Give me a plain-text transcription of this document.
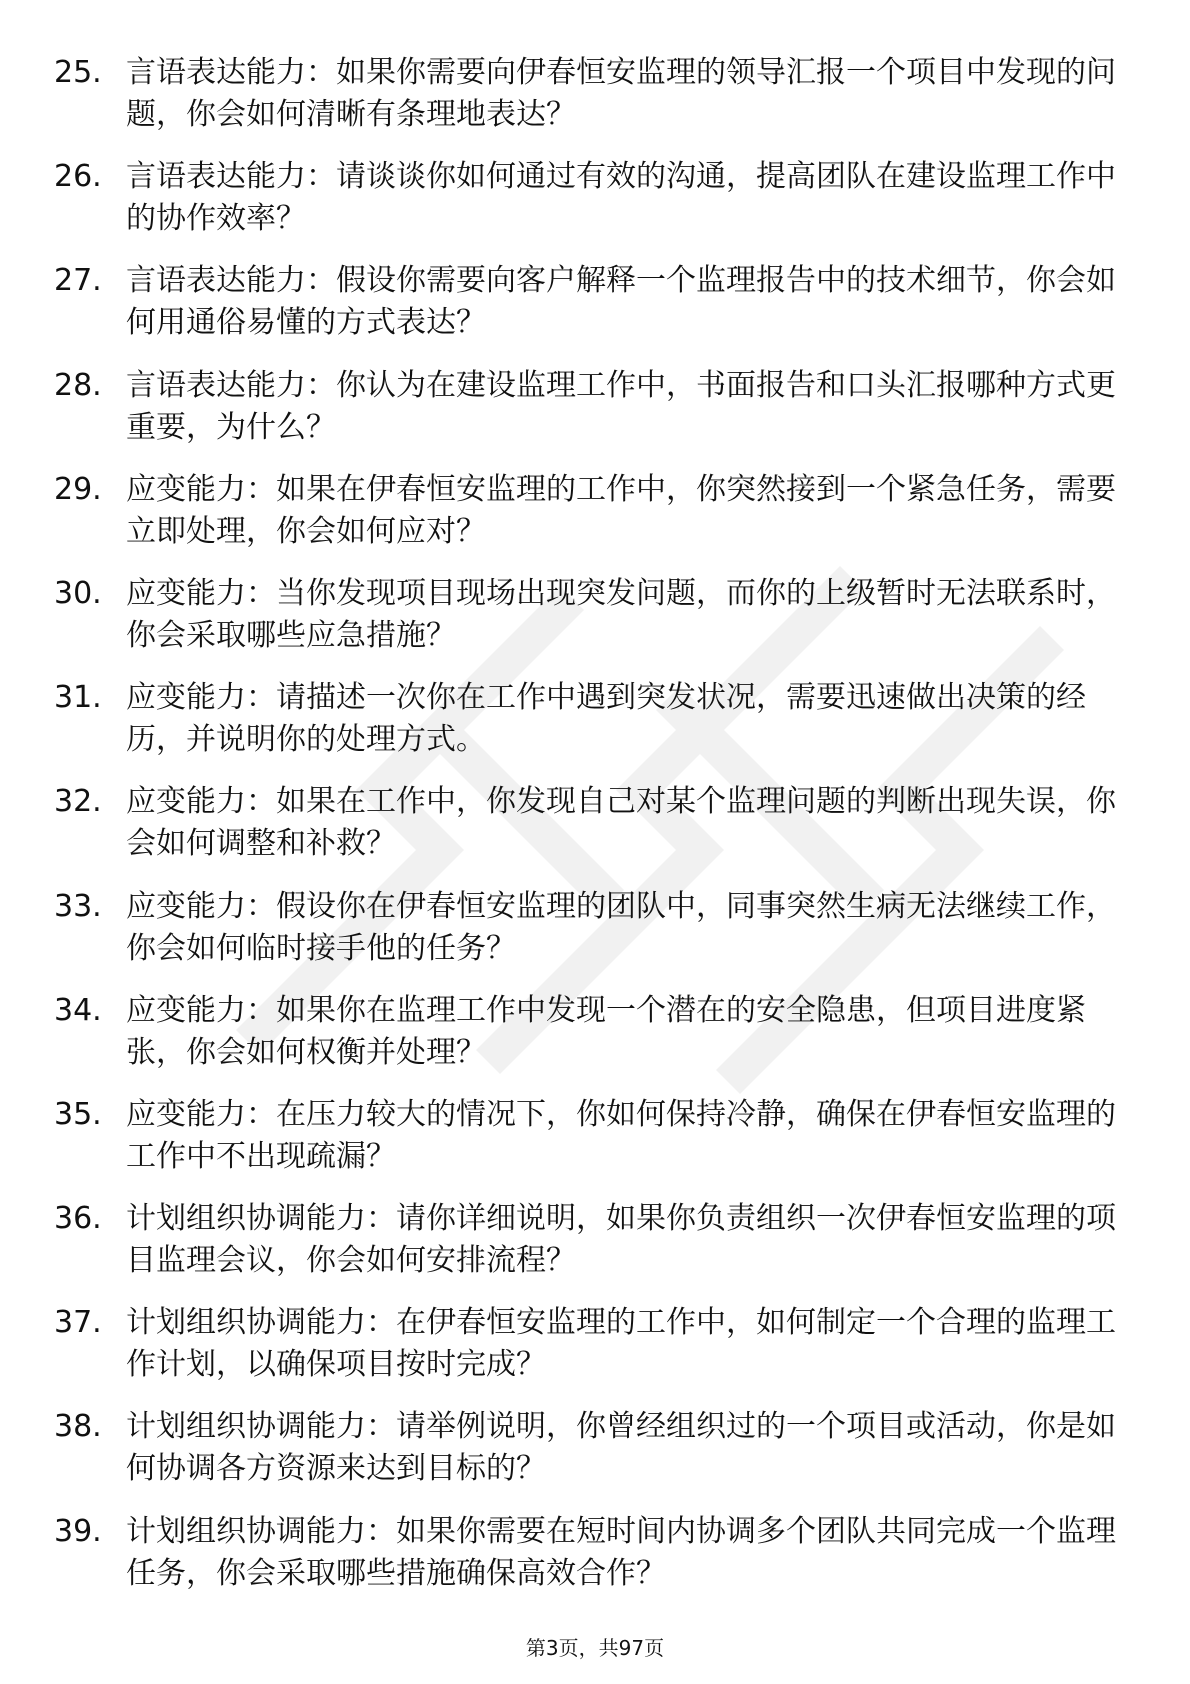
25. 言语表达能力：如果你需要向伊春恒安监理的领导汇报一个项目中发现的问题，你会如何清晰有条理地表达？
26. 言语表达能力：请谈谈你如何通过有效的沟通，提高团队在建设监理工作中的协作效率？
27. 言语表达能力：假设你需要向客户解释一个监理报告中的技术细节，你会如何用通俗易懂的方式表达？
28. 言语表达能力：你认为在建设监理工作中，书面报告和口头汇报哪种方式更重要，为什么？
29. 应变能力：如果在伊春恒安监理的工作中，你突然接到一个紧急任务，需要立即处理，你会如何应对？
30. 应变能力：当你发现项目现场出现突发问题，而你的上级暂时无法联系时，你会采取哪些应急措施？
31. 应变能力：请描述一次你在工作中遇到突发状况，需要迅速做出决策的经历，并说明你的处理方式。
32. 应变能力：如果在工作中，你发现自己对某个监理问题的判断出现失误，你会如何调整和补救？
33. 应变能力：假设你在伊春恒安监理的团队中，同事突然生病无法继续工作，你会如何临时接手他的任务？
34. 应变能力：如果你在监理工作中发现一个潜在的安全隐患，但项目进度紧张，你会如何权衡并处理？
35. 应变能力：在压力较大的情况下，你如何保持冷静，确保在伊春恒安监理的工作中不出现疏漏？
36. 计划组织协调能力：请你详细说明，如果你负责组织一次伊春恒安监理的项目监理会议，你会如何安排流程？
37. 计划组织协调能力：在伊春恒安监理的工作中，如何制定一个合理的监理工作计划，以确保项目按时完成？
38. 计划组织协调能力：请举例说明，你曾经组织过的一个项目或活动，你是如何协调各方资源来达到目标的？
39. 计划组织协调能力：如果你需要在短时间内协调多个团队共同完成一个监理任务，你会采取哪些措施确保高效合作？
第3页，共97页
